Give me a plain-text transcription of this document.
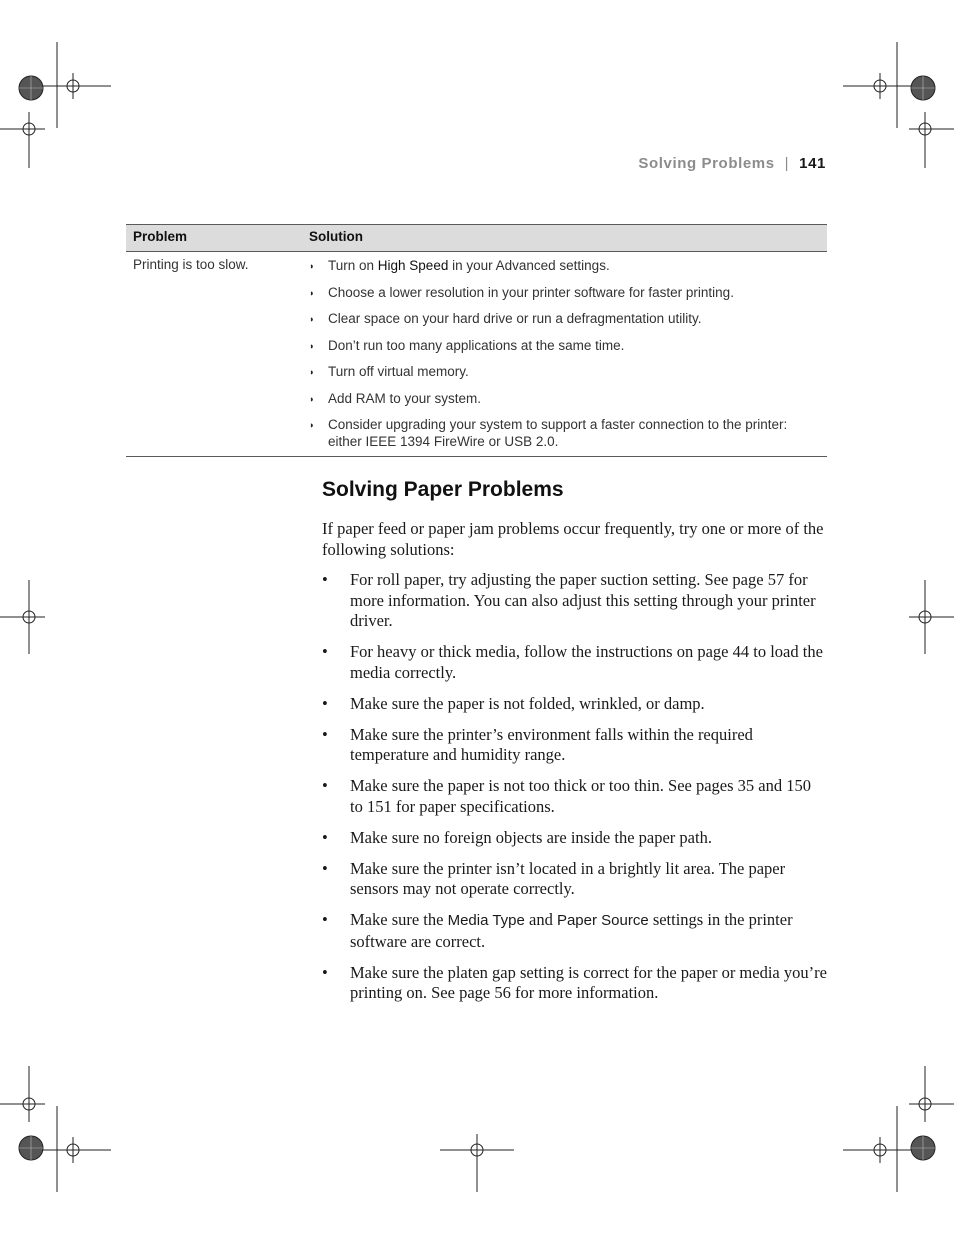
Solving Problems | 141
Problem	Solution
Printing is too slow.	◗ Turn on High Speed in your Advanced settings.
◗ Choose a lower resolution in your printer software for faster printing.
◗ Clear space on your hard drive or run a defragmentation utility.
◗ Don’t run too many applications at the same time.
◗ Turn off virtual memory.
◗ Add RAM to your system.
◗ Consider upgrading your system to support a faster connection to the printer: either IEEE 1394 FireWire or USB 2.0.
Solving Paper Problems

If paper feed or paper jam problems occur frequently, try one or more of the following solutions:

• For roll paper, try adjusting the paper suction setting. See page 57 for more information. You can also adjust this setting through your printer driver.
• For heavy or thick media, follow the instructions on page 44 to load the media correctly.
• Make sure the paper is not folded, wrinkled, or damp.
• Make sure the printer’s environment falls within the required temperature and humidity range.
• Make sure the paper is not too thick or too thin. See pages 35 and 150 to 151 for paper specifications.
• Make sure no foreign objects are inside the paper path.
• Make sure the printer isn’t located in a brightly lit area. The paper sensors may not operate correctly.
• Make sure the Media Type and Paper Source settings in the printer software are correct.
• Make sure the platen gap setting is correct for the paper or media you’re printing on. See page 56 for more information.
